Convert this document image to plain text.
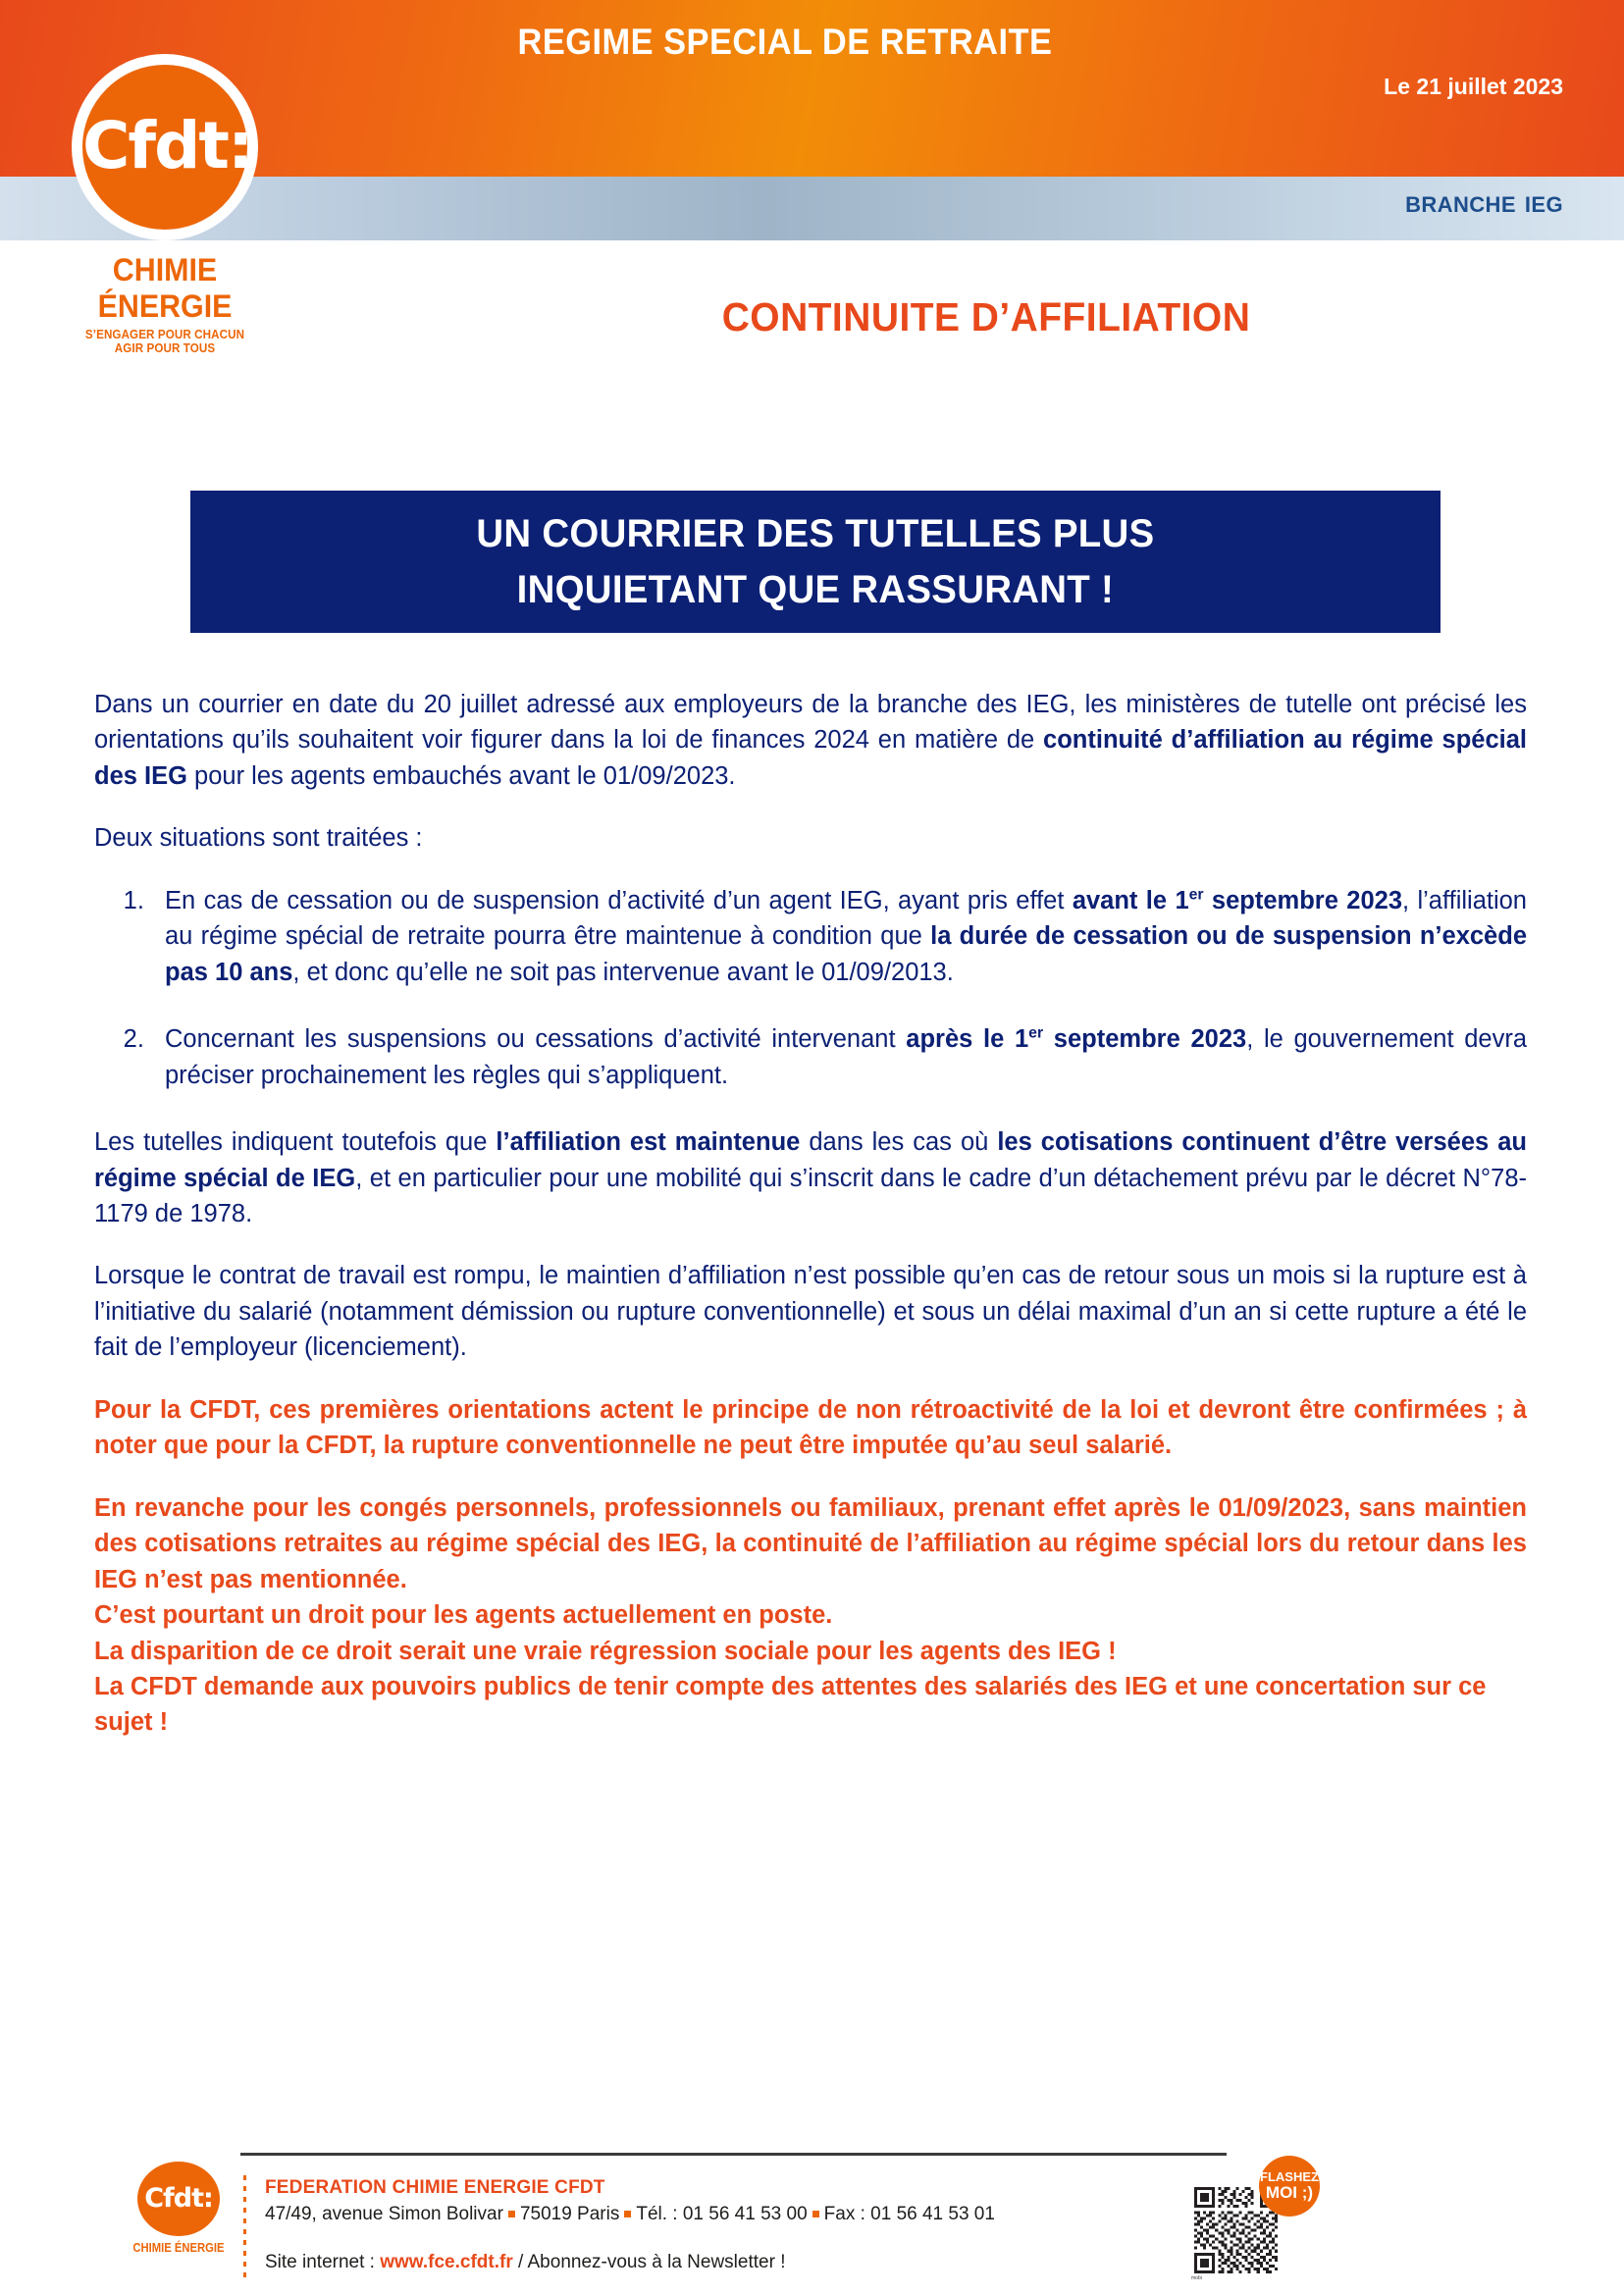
REGIME SPECIAL DE RETRAITE
Le 21 juillet 2023
branche ieg
Cfdt:
CHIMIE ÉNERGIE
S’ENGAGER POUR CHACUN AGIR POUR TOUS
CONTINUITE D’AFFILIATION
UN COURRIER DES TUTELLES PLUS
INQUIETANT QUE RASSURANT !

Dans un courrier en date du 20 juillet adressé aux employeurs de la branche des IEG, les ministères de tutelle ont précisé les orientations qu’ils souhaitent voir figurer dans la loi de finances 2024 en matière de continuité d’affiliation au régime spécial des IEG pour les agents embauchés avant le 01/09/2023.

Deux situations sont traitées :

1. En cas de cessation ou de suspension d’activité d’un agent IEG, ayant pris effet avant le 1er septembre 2023, l’affiliation au régime spécial de retraite pourra être maintenue à condition que la durée de cessation ou de suspension n’excède pas 10 ans, et donc qu’elle ne soit pas intervenue avant le 01/09/2013.
2. Concernant les suspensions ou cessations d’activité intervenant après le 1er septembre 2023, le gouvernement devra préciser prochainement les règles qui s’appliquent.

Les tutelles indiquent toutefois que l’affiliation est maintenue dans les cas où les cotisations continuent d’être versées au régime spécial de IEG, et en particulier pour une mobilité qui s’inscrit dans le cadre d’un détachement prévu par le décret N°78-1179 de 1978.

Lorsque le contrat de travail est rompu, le maintien d’affiliation n’est possible qu’en cas de retour sous un mois si la rupture est à l’initiative du salarié (notamment démission ou rupture conventionnelle) et sous un délai maximal d’un an si cette rupture a été le fait de l’employeur (licenciement).

Pour la CFDT, ces premières orientations actent le principe de non rétroactivité de la loi et devront être confirmées ; à noter que pour la CFDT, la rupture conventionnelle ne peut être imputée qu’au seul salarié.

En revanche pour les congés personnels, professionnels ou familiaux, prenant effet après le 01/09/2023, sans maintien des cotisations retraites au régime spécial des IEG, la continuité de l’affiliation au régime spécial lors du retour dans les IEG n’est pas mentionnée.
C’est pourtant un droit pour les agents actuellement en poste.
La disparition de ce droit serait une vraie régression sociale pour les agents des IEG !
La CFDT demande aux pouvoirs publics de tenir compte des attentes des salariés des IEG et une concertation sur ce sujet !
Cfdt:
CHIMIE ÉNERGIE
FEDERATION CHIMIE ENERGIE CFDT
47/49, avenue Simon Bolivar 75019 Paris Tél. : 01 56 41 53 00 Fax : 01 56 41 53 01
Site internet : www.fce.cfdt.fr / Abonnez-vous à la Newsletter !
mobi
FLASHEZ
MOI ;)
